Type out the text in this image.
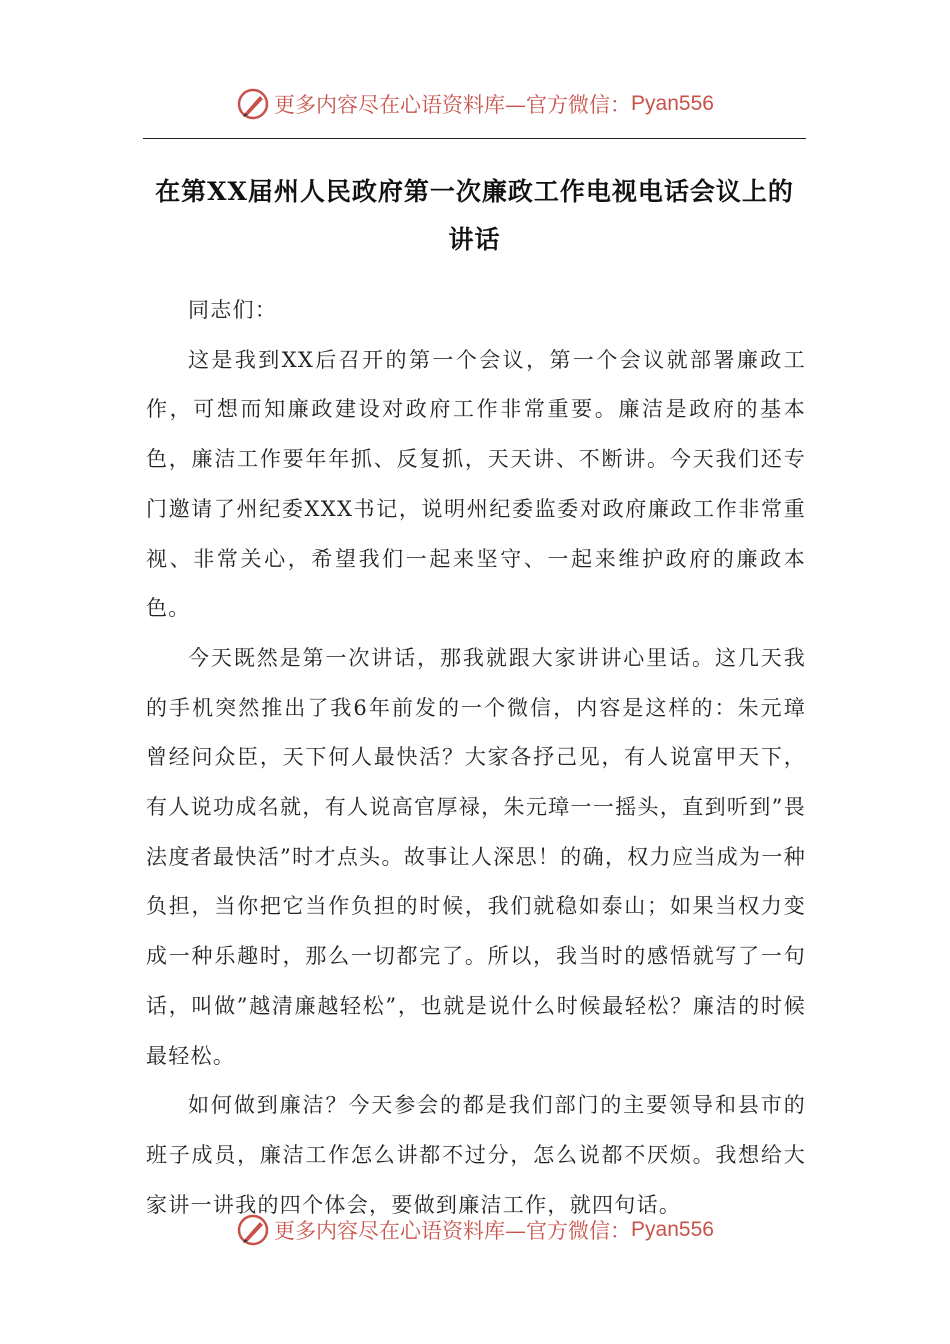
更多内容尽在心语资料库—官方微信： Pyan556
在第XX届州人民政府第一次廉政工作电视电话会议上的讲话

同志们：

这是我到XX后召开的第一个会议，第一个会议就部署廉政工作，可想而知廉政建设对政府工作非常重要。廉洁是政府的基本色，廉洁工作要年年抓、反复抓，天天讲、不断讲。今天我们还专门邀请了州纪委XXX书记，说明州纪委监委对政府廉政工作非常重视、非常关心，希望我们一起来坚守、一起来维护政府的廉政本色。

今天既然是第一次讲话，那我就跟大家讲讲心里话。这几天我的手机突然推出了我6年前发的一个微信，内容是这样的：朱元璋曾经问众臣，天下何人最快活？大家各抒己见，有人说富甲天下，有人说功成名就，有人说高官厚禄，朱元璋一一摇头，直到听到”畏法度者最快活”时才点头。故事让人深思！的确，权力应当成为一种负担，当你把它当作负担的时候，我们就稳如泰山；如果当权力变成一种乐趣时，那么一切都完了。所以，我当时的感悟就写了一句话，叫做”越清廉越轻松”，也就是说什么时候最轻松？廉洁的时候最轻松。

如何做到廉洁？今天参会的都是我们部门的主要领导和县市的班子成员，廉洁工作怎么讲都不过分，怎么说都不厌烦。我想给大家讲一讲我的四个体会，要做到廉洁工作，就四句话。

更多内容尽在心语资料库—官方微信： Pyan556
